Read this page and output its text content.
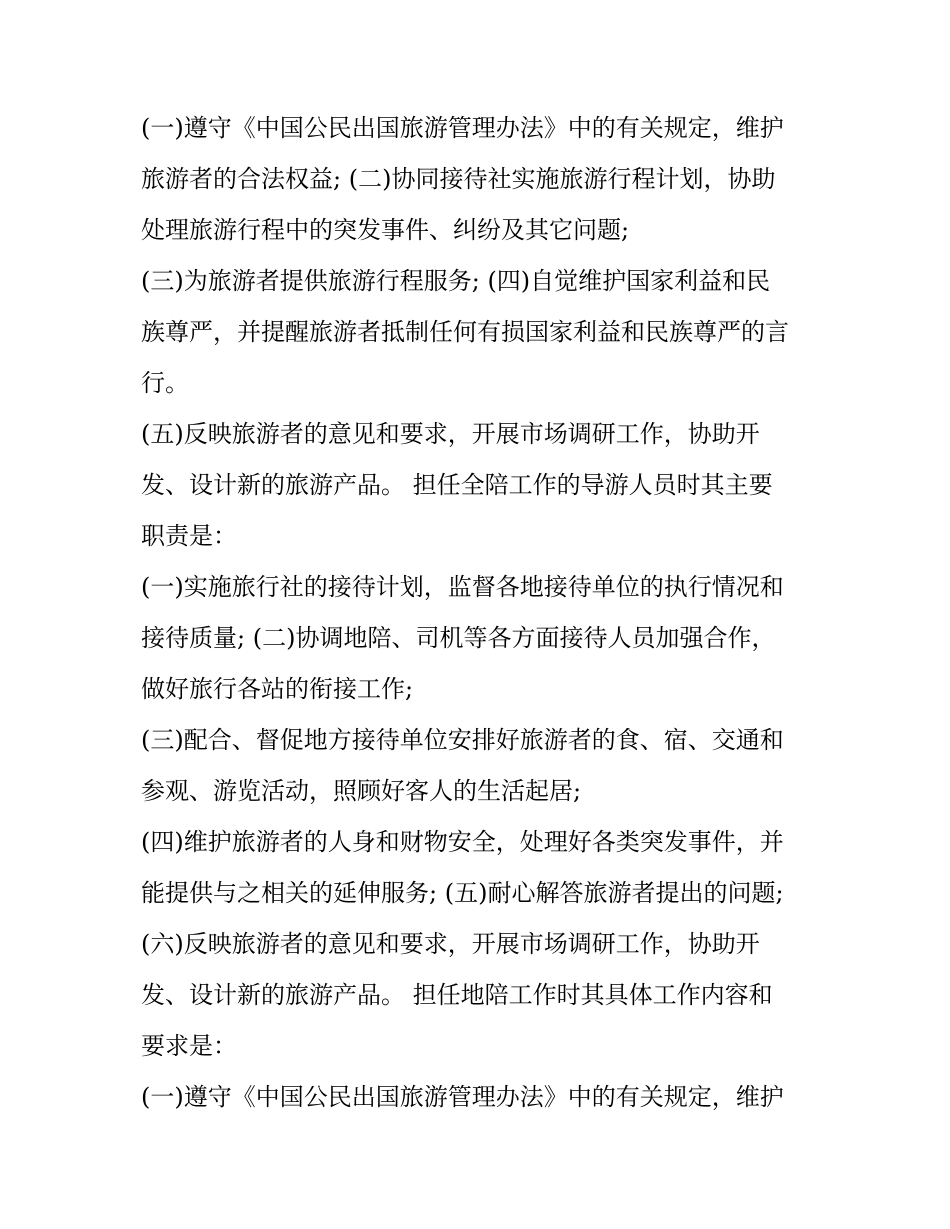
(一)遵守《中国公民出国旅游管理办法》中的有关规定，维护
旅游者的合法权益; (二)协同接待社实施旅游行程计划，协助
处理旅游行程中的突发事件、纠纷及其它问题;
(三)为旅游者提供旅游行程服务; (四)自觉维护国家利益和民
族尊严，并提醒旅游者抵制任何有损国家利益和民族尊严的言
行。
(五)反映旅游者的意见和要求，开展市场调研工作，协助开
发、设计新的旅游产品。 担任全陪工作的导游人员时其主要
职责是：
(一)实施旅行社的接待计划，监督各地接待单位的执行情况和
接待质量; (二)协调地陪、司机等各方面接待人员加强合作，
做好旅行各站的衔接工作;
(三)配合、督促地方接待单位安排好旅游者的食、宿、交通和
参观、游览活动，照顾好客人的生活起居;
(四)维护旅游者的人身和财物安全，处理好各类突发事件，并
能提供与之相关的延伸服务; (五)耐心解答旅游者提出的问题;
(六)反映旅游者的意见和要求，开展市场调研工作，协助开
发、设计新的旅游产品。 担任地陪工作时其具体工作内容和
要求是：
(一)遵守《中国公民出国旅游管理办法》中的有关规定，维护
